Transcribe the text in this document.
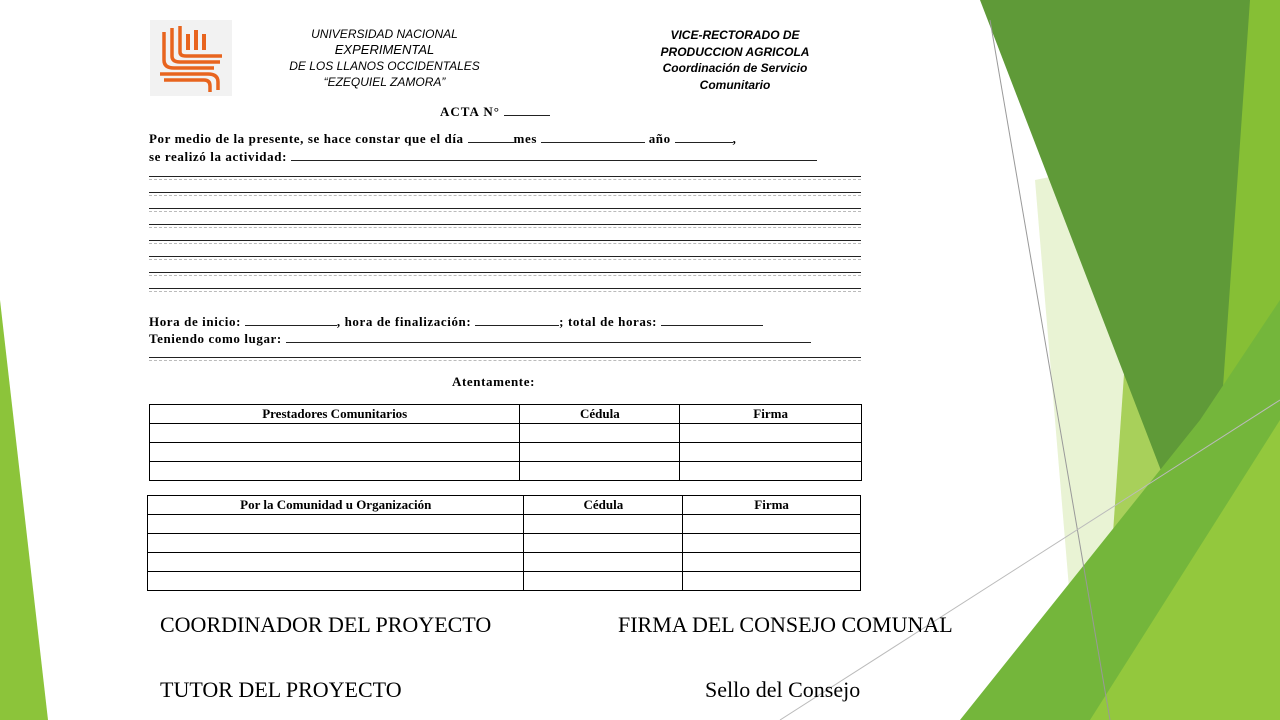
UNIVERSIDAD NACIONAL
EXPERIMENTAL
DE LOS LLANOS OCCIDENTALES
“EZEQUIEL ZAMORA”
VICE-RECTORADO DE
PRODUCCION AGRICOLA
Coordinación de Servicio
Comunitario
ACTA N°
Por medio de la presente, se hace constar que el día	mes	año	,
se realizó la actividad:
Hora de inicio:	, hora de finalización:	; total de horas:
Teniendo como lugar:
Atentamente:
Prestadores Comunitarios	Cédula	Firma

Por la Comunidad u Organización	Cédula	Firma

COORDINADOR DEL PROYECTO	FIRMA DEL CONSEJO COMUNAL
TUTOR DEL PROYECTO	Sello del Consejo
